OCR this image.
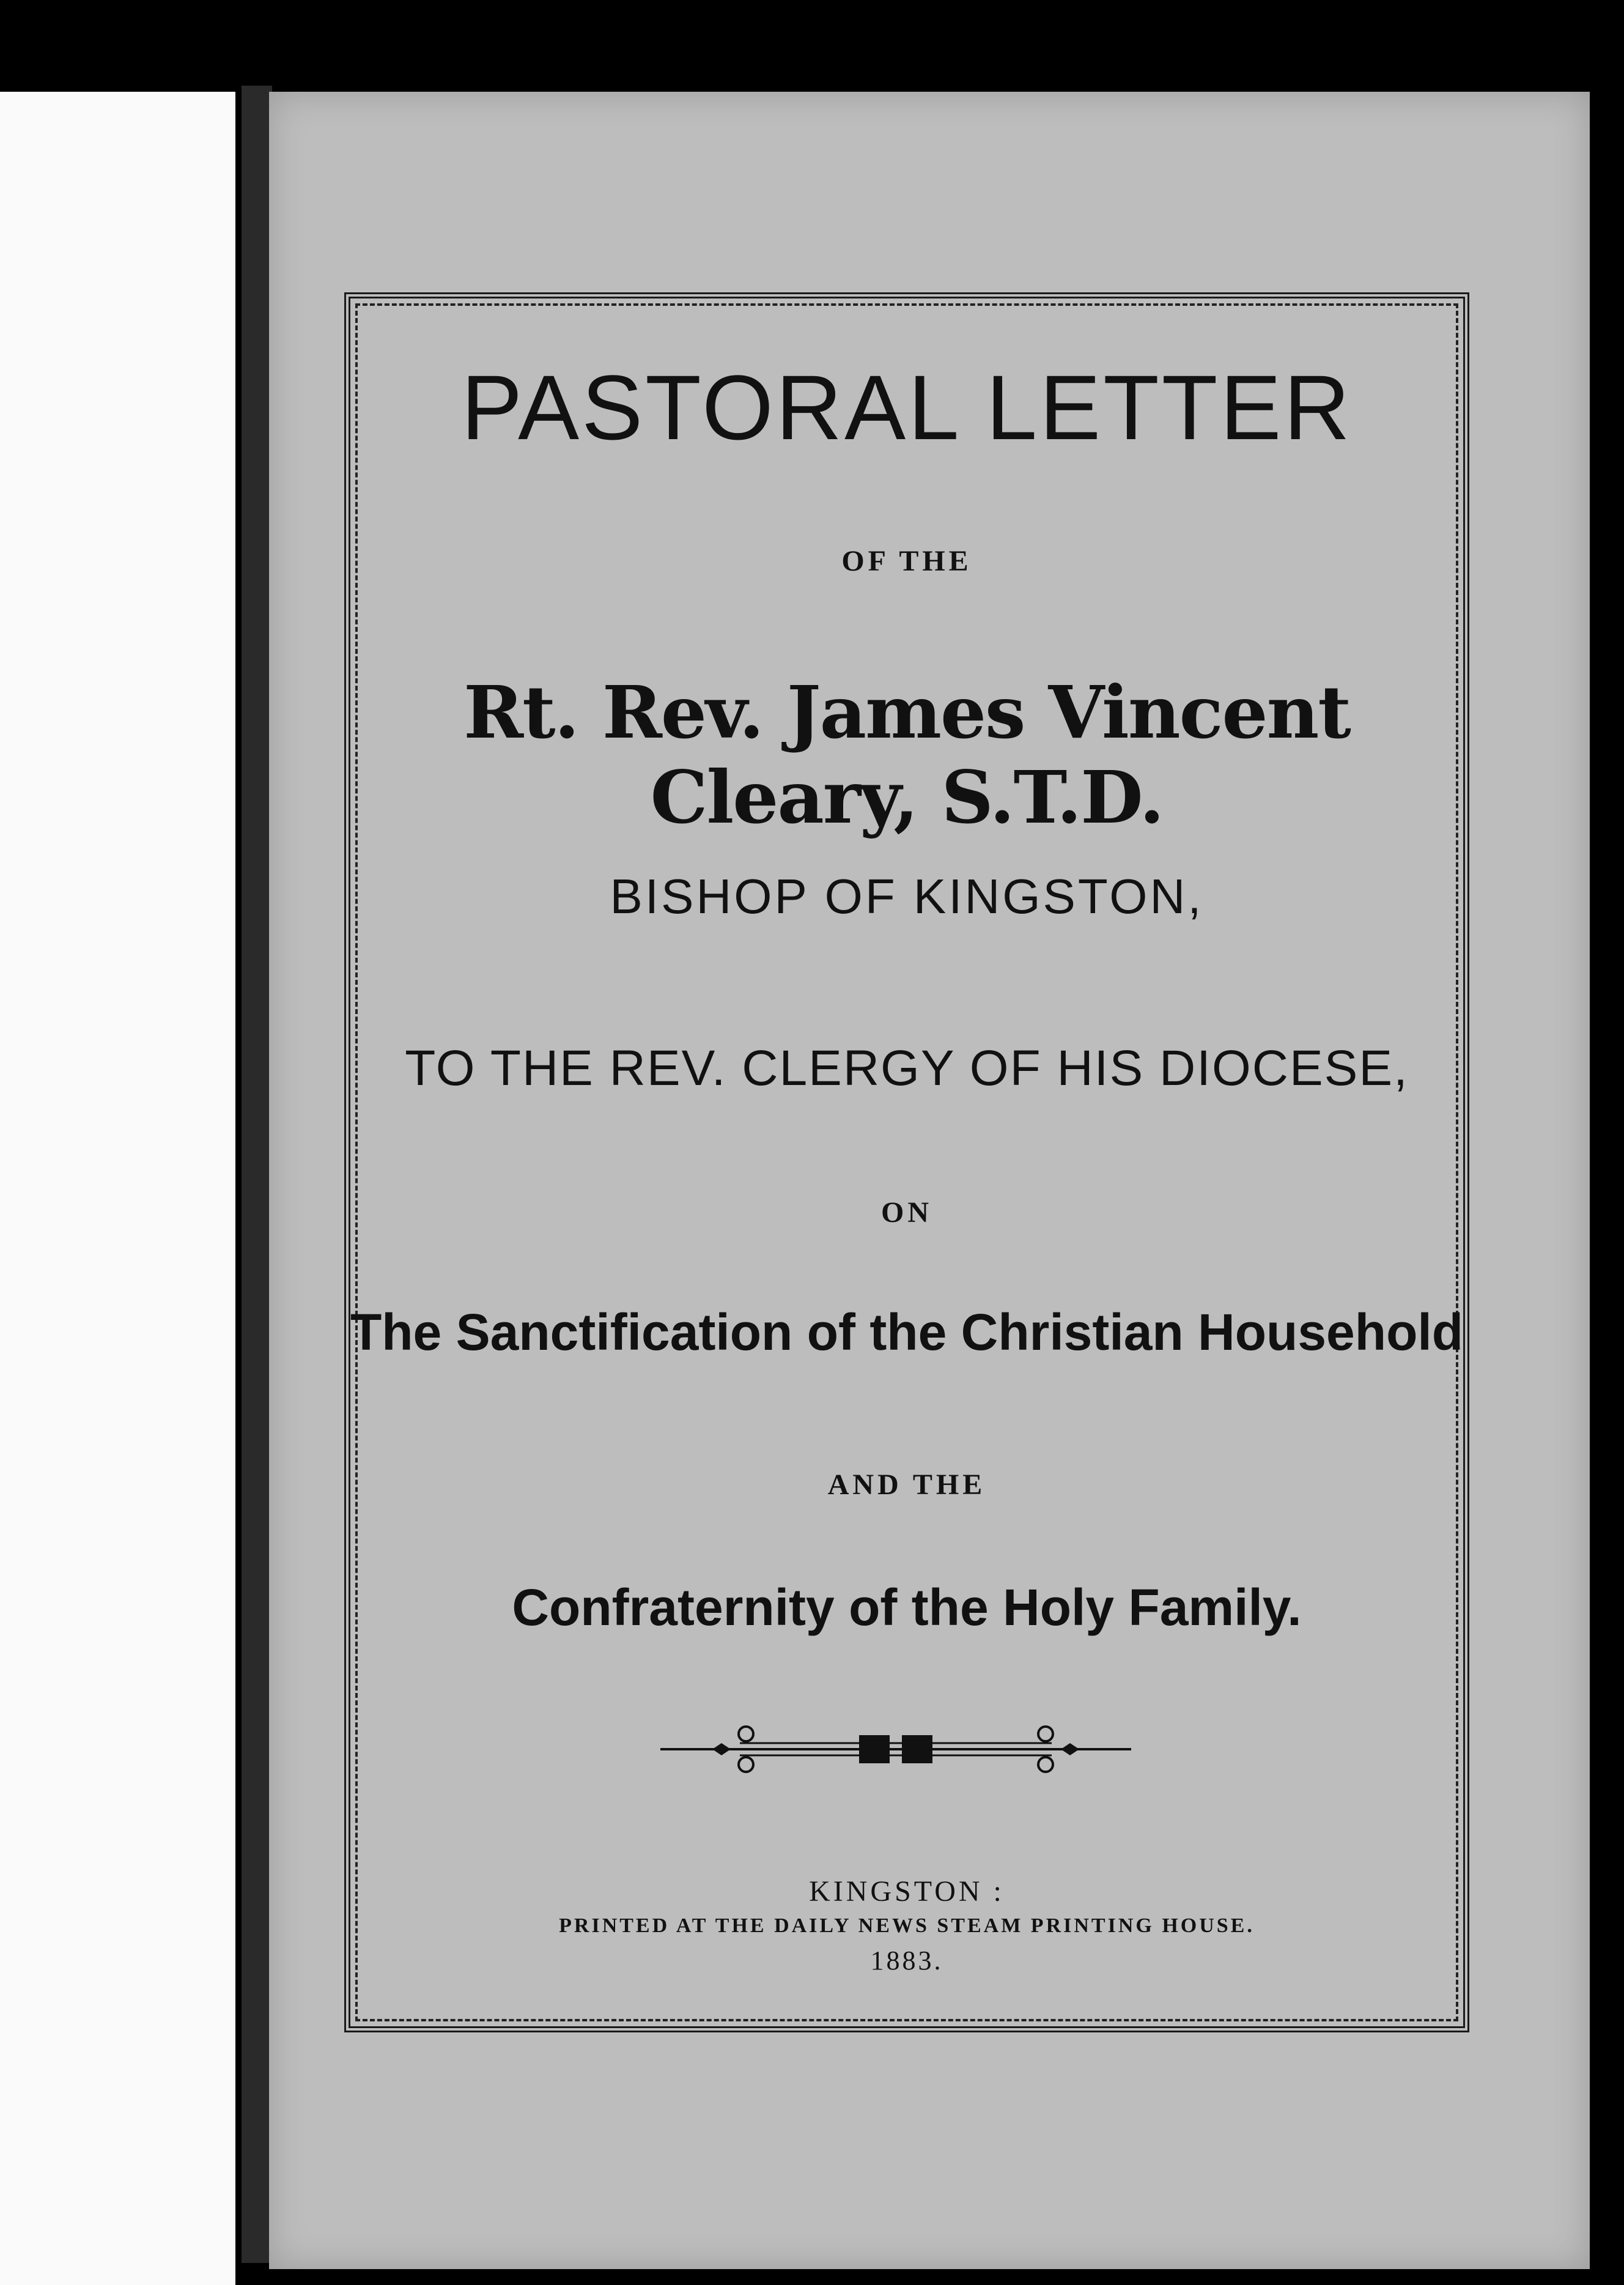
PASTORAL LETTER
OF THE
Rt. Rev. James Vincent Cleary, S.T.D.
BISHOP OF KINGSTON,
TO THE REV. CLERGY OF HIS DIOCESE,
ON
The Sanctification of the Christian Household
AND THE
Confraternity of the Holy Family.
KINGSTON :
PRINTED AT THE DAILY NEWS STEAM PRINTING HOUSE.
1883.
